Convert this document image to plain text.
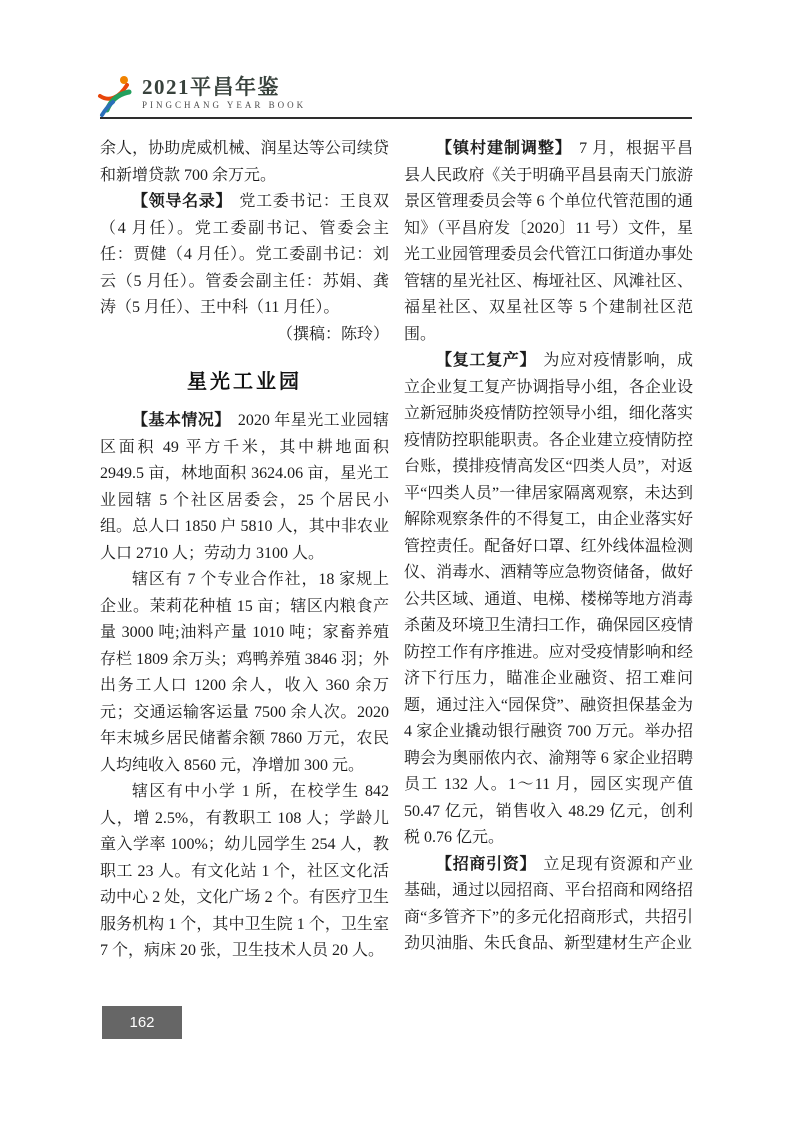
2021平昌年鉴
PINGCHANG YEAR BOOK

余人，协助虎威机械、润星达等公司续贷和新增贷款 700 余万元。

【领导名录】 党工委书记：王良双（4 月任）。党工委副书记、管委会主任：贾健（4 月任）。党工委副书记：刘云（5 月任）。管委会副主任：苏娟、龚涛（5 月任）、王中科（11 月任）。

（撰稿：陈玲）

星光工业园

【基本情况】 2020 年星光工业园辖区面积 49 平方千米，其中耕地面积 2949.5 亩，林地面积 3624.06 亩，星光工业园辖 5 个社区居委会，25 个居民小组。总人口 1850 户 5810 人，其中非农业人口 2710 人；劳动力 3100 人。

辖区有 7 个专业合作社，18 家规上企业。茉莉花种植 15 亩；辖区内粮食产量 3000 吨;油料产量 1010 吨；家畜养殖存栏 1809 余万头；鸡鸭养殖 3846 羽；外出务工人口 1200 余人，收入 360 余万元；交通运输客运量 7500 余人次。2020 年末城乡居民储蓄余额 7860 万元，农民人均纯收入 8560 元，净增加 300 元。

辖区有中小学 1 所，在校学生 842 人，增 2.5%，有教职工 108 人；学龄儿童入学率 100%；幼儿园学生 254 人，教职工 23 人。有文化站 1 个，社区文化活动中心 2 处，文化广场 2 个。有医疗卫生服务机构 1 个，其中卫生院 1 个，卫生室 7 个，病床 20 张，卫生技术人员 20 人。

【镇村建制调整】 7 月，根据平昌县人民政府《关于明确平昌县南天门旅游景区管理委员会等 6 个单位代管范围的通知》（平昌府发〔2020〕11 号）文件，星光工业园管理委员会代管江口街道办事处管辖的星光社区、梅垭社区、风滩社区、福星社区、双星社区等 5 个建制社区范围。

【复工复产】 为应对疫情影响，成立企业复工复产协调指导小组，各企业设立新冠肺炎疫情防控领导小组，细化落实疫情防控职能职责。各企业建立疫情防控台账，摸排疫情高发区“四类人员”，对返平“四类人员”一律居家隔离观察，未达到解除观察条件的不得复工，由企业落实好管控责任。配备好口罩、红外线体温检测仪、消毒水、酒精等应急物资储备，做好公共区域、通道、电梯、楼梯等地方消毒杀菌及环境卫生清扫工作，确保园区疫情防控工作有序推进。应对受疫情影响和经济下行压力，瞄准企业融资、招工难问题，通过注入“园保贷”、融资担保基金为 4 家企业撬动银行融资 700 万元。举办招聘会为奥丽侬内衣、渝翔等 6 家企业招聘员工 132 人。1～11 月，园区实现产值 50.47 亿元，销售收入 48.29 亿元，创利税 0.76 亿元。

【招商引资】 立足现有资源和产业基础，通过以园招商、平台招商和网络招商“多管齐下”的多元化招商形式，共招引劲贝油脂、朱氏食品、新型建材生产企业

162
